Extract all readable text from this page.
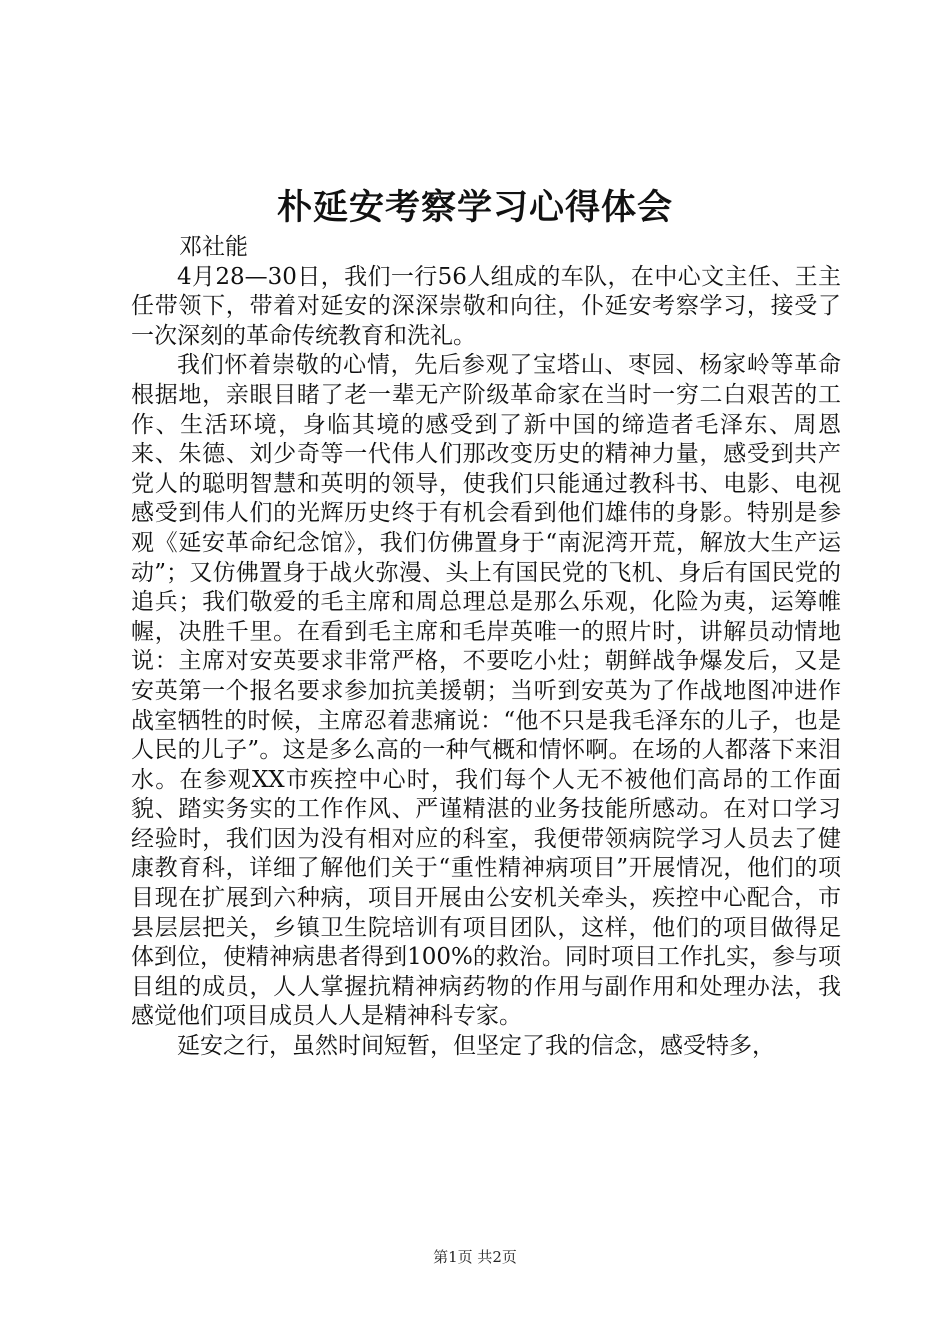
朴延安考察学习心得体会

邓社能

4月28—30日，我们一行56人组成的车队，在中心文主任、王主任带领下，带着对延安的深深崇敬和向往，仆延安考察学习，接受了一次深刻的革命传统教育和洗礼。

我们怀着崇敬的心情，先后参观了宝塔山、枣园、杨家岭等革命根据地，亲眼目睹了老一辈无产阶级革命家在当时一穷二白艰苦的工作、生活环境，身临其境的感受到了新中国的缔造者毛泽东、周恩来、朱德、刘少奇等一代伟人们那改变历史的精神力量，感受到共产党人的聪明智慧和英明的领导，使我们只能通过教科书、电影、电视感受到伟人们的光辉历史终于有机会看到他们雄伟的身影。特别是参观《延安革命纪念馆》，我们仿佛置身于“南泥湾开荒，解放大生产运动”；又仿佛置身于战火弥漫、头上有国民党的飞机、身后有国民党的追兵；我们敬爱的毛主席和周总理总是那么乐观，化险为夷，运筹帷幄，决胜千里。在看到毛主席和毛岸英唯一的照片时，讲解员动情地说：主席对安英要求非常严格，不要吃小灶；朝鲜战争爆发后，又是安英第一个报名要求参加抗美援朝；当听到安英为了作战地图冲进作战室牺牲的时候，主席忍着悲痛说：“他不只是我毛泽东的儿子，也是人民的儿子”。这是多么高的一种气概和情怀啊。在场的人都落下来泪水。在参观XX市疾控中心时，我们每个人无不被他们高昂的工作面貌、踏实务实的工作作风、严谨精湛的业务技能所感动。在对口学习经验时，我们因为没有相对应的科室，我便带领病院学习人员去了健康教育科，详细了解他们关于“重性精神病项目”开展情况，他们的项目现在扩展到六种病，项目开展由公安机关牵头，疾控中心配合，市县层层把关，乡镇卫生院培训有项目团队，这样，他们的项目做得足体到位，使精神病患者得到100%的救治。同时项目工作扎实，参与项目组的成员，人人掌握抗精神病药物的作用与副作用和处理办法，我感觉他们项目成员人人是精神科专家。

延安之行，虽然时间短暂，但坚定了我的信念，感受特多，

第1页 共2页
